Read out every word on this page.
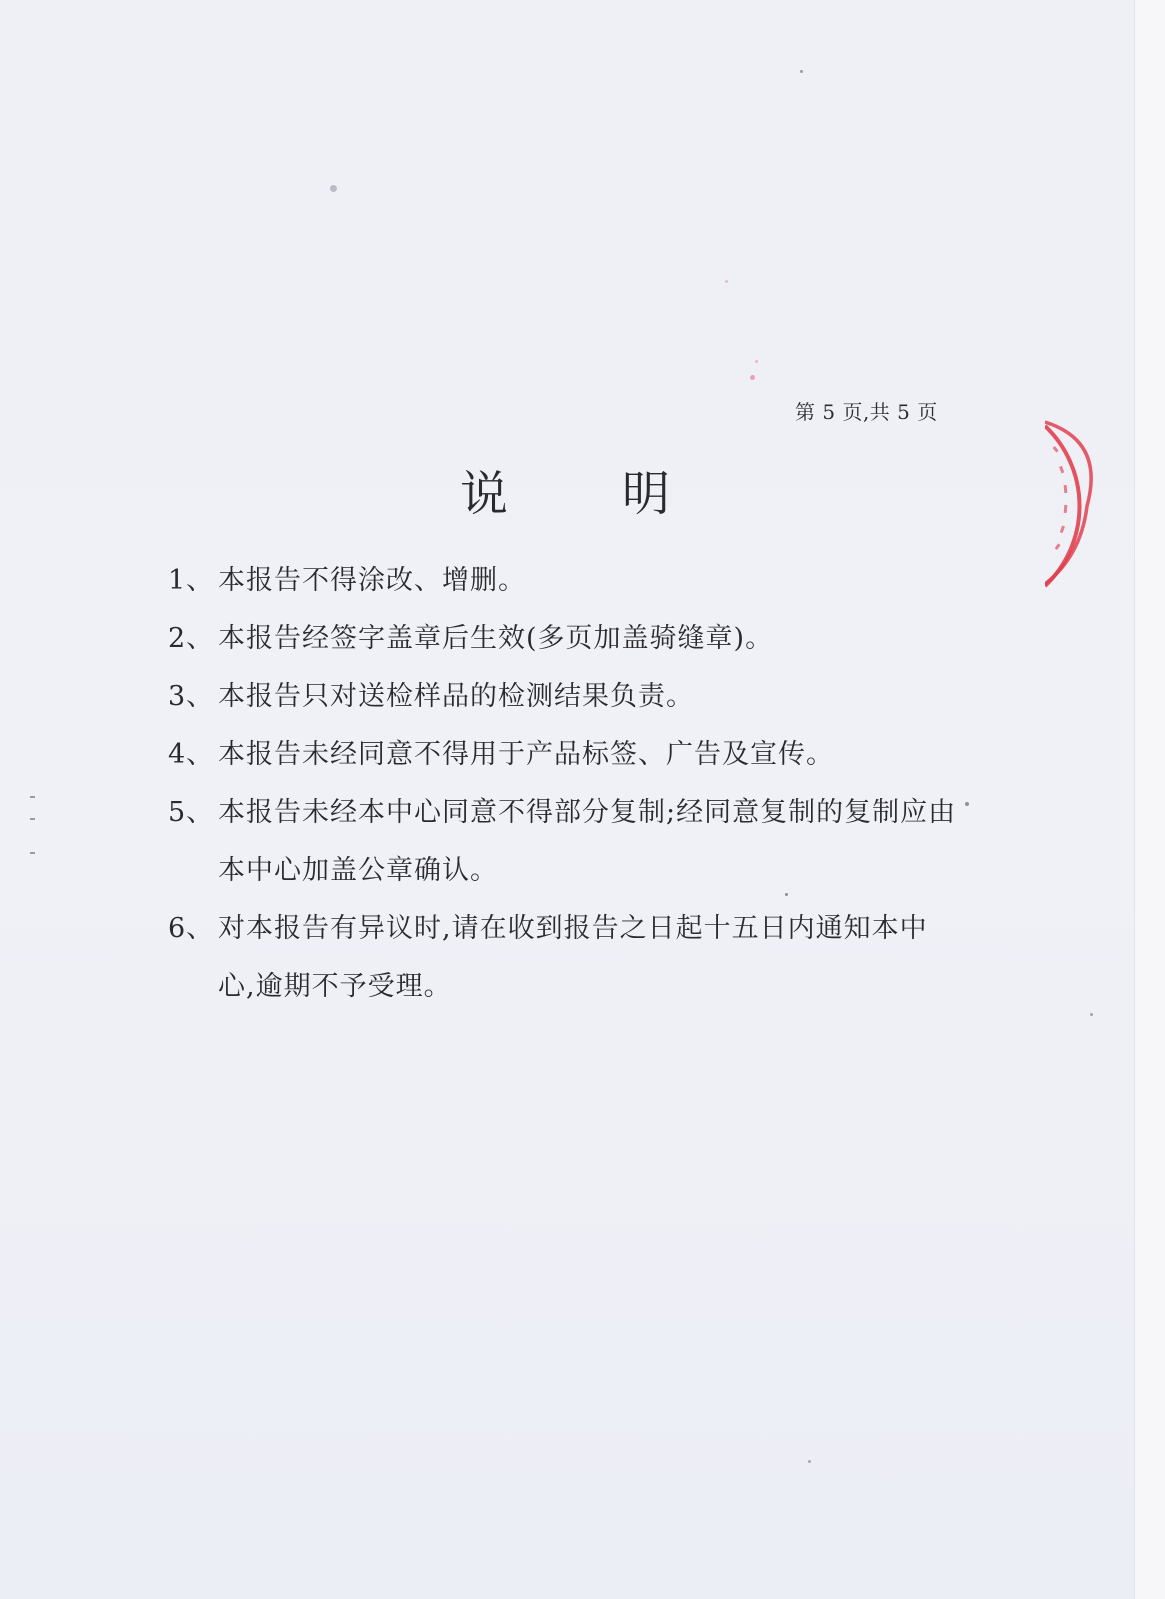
第 5 页,共 5 页
说 明
1、 本报告不得涂改、增删。
2、 本报告经签字盖章后生效(多页加盖骑缝章)。
3、 本报告只对送检样品的检测结果负责。
4、 本报告未经同意不得用于产品标签、广告及宣传。
5、 本报告未经本中心同意不得部分复制;经同意复制的复制应由本中心加盖公章确认。
6、 对本报告有异议时,请在收到报告之日起十五日内通知本中心,逾期不予受理。
